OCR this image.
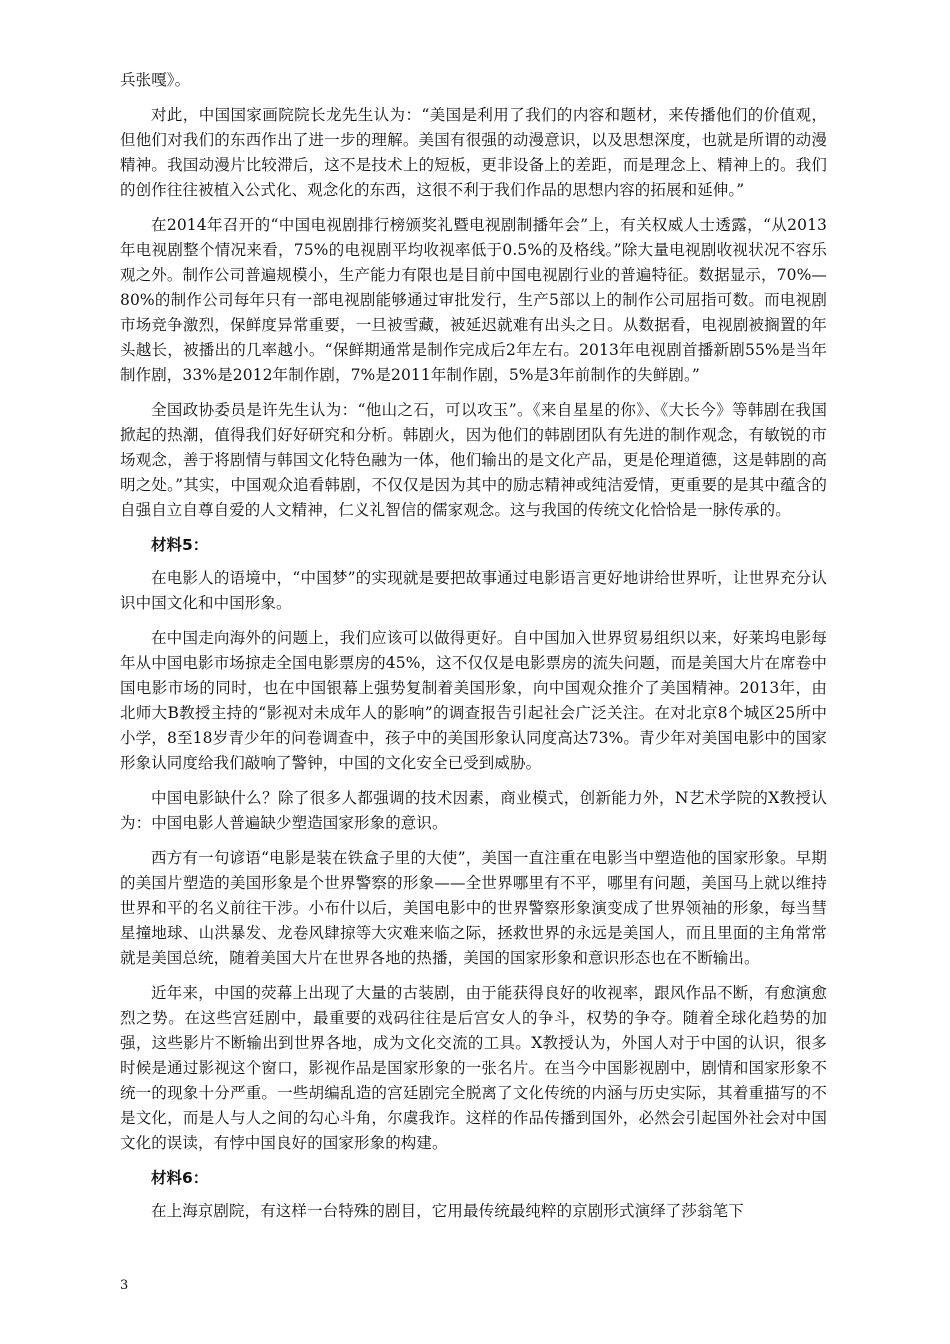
兵张嘎》。

对此，中国国家画院院长龙先生认为：“美国是利用了我们的内容和题材，来传播他们的价值观，但他们对我们的东西作出了进一步的理解。美国有很强的动漫意识，以及思想深度，也就是所谓的动漫精神。我国动漫片比较滞后，这不是技术上的短板，更非设备上的差距，而是理念上、精神上的。我们的创作往往被植入公式化、观念化的东西，这很不利于我们作品的思想内容的拓展和延伸。”

在2014年召开的“中国电视剧排行榜颁奖礼暨电视剧制播年会”上，有关权威人士透露，“从2013年电视剧整个情况来看，75%的电视剧平均收视率低于0.5%的及格线。”除大量电视剧收视状况不容乐观之外。制作公司普遍规模小，生产能力有限也是目前中国电视剧行业的普遍特征。数据显示，70%—80%的制作公司每年只有一部电视剧能够通过审批发行，生产5部以上的制作公司屈指可数。而电视剧市场竞争激烈，保鲜度异常重要，一旦被雪藏，被延迟就难有出头之日。从数据看，电视剧被搁置的年头越长，被播出的几率越小。“保鲜期通常是制作完成后2年左右。2013年电视剧首播新剧55%是当年制作剧，33%是2012年制作剧，7%是2011年制作剧，5%是3年前制作的失鲜剧。”

全国政协委员是许先生认为：“他山之石，可以攻玉”。《来自星星的你》、《大长今》等韩剧在我国掀起的热潮，值得我们好好研究和分析。韩剧火，因为他们的韩剧团队有先进的制作观念，有敏锐的市场观念，善于将剧情与韩国文化特色融为一体，他们输出的是文化产品，更是伦理道德，这是韩剧的高明之处。”其实，中国观众追看韩剧，不仅仅是因为其中的励志精神或纯洁爱情，更重要的是其中蕴含的自强自立自尊自爱的人文精神，仁义礼智信的儒家观念。这与我国的传统文化恰恰是一脉传承的。

材料5：

在电影人的语境中，“中国梦”的实现就是要把故事通过电影语言更好地讲给世界听，让世界充分认识中国文化和中国形象。

在中国走向海外的问题上，我们应该可以做得更好。自中国加入世界贸易组织以来，好莱坞电影每年从中国电影市场掠走全国电影票房的45%，这不仅仅是电影票房的流失问题，而是美国大片在席卷中国电影市场的同时，也在中国银幕上强势复制着美国形象，向中国观众推介了美国精神。2013年，由北师大B教授主持的“影视对未成年人的影响”的调查报告引起社会广泛关注。在对北京8个城区25所中小学，8至18岁青少年的问卷调查中，孩子中的美国形象认同度高达73%。青少年对美国电影中的国家形象认同度给我们敲响了警钟，中国的文化安全已受到威胁。

中国电影缺什么？除了很多人都强调的技术因素，商业模式，创新能力外，N艺术学院的X教授认为：中国电影人普遍缺少塑造国家形象的意识。

西方有一句谚语“电影是装在铁盒子里的大使”，美国一直注重在电影当中塑造他的国家形象。早期的美国片塑造的美国形象是个世界警察的形象——全世界哪里有不平，哪里有问题，美国马上就以维持世界和平的名义前往干涉。小布什以后，美国电影中的世界警察形象演变成了世界领袖的形象，每当彗星撞地球、山洪暴发、龙卷风肆掠等大灾难来临之际，拯救世界的永远是美国人，而且里面的主角常常就是美国总统，随着美国大片在世界各地的热播，美国的国家形象和意识形态也在不断输出。

近年来，中国的荧幕上出现了大量的古装剧，由于能获得良好的收视率，跟风作品不断，有愈演愈烈之势。在这些宫廷剧中，最重要的戏码往往是后宫女人的争斗，权势的争夺。随着全球化趋势的加强，这些影片不断输出到世界各地，成为文化交流的工具。X教授认为，外国人对于中国的认识，很多时候是通过影视这个窗口，影视作品是国家形象的一张名片。在当今中国影视剧中，剧情和国家形象不统一的现象十分严重。一些胡编乱造的宫廷剧完全脱离了文化传统的内涵与历史实际，其着重描写的不是文化，而是人与人之间的勾心斗角，尔虞我诈。这样的作品传播到国外，必然会引起国外社会对中国文化的误读，有悖中国良好的国家形象的构建。

材料6：

在上海京剧院，有这样一台特殊的剧目，它用最传统最纯粹的京剧形式演绎了莎翁笔下

3
